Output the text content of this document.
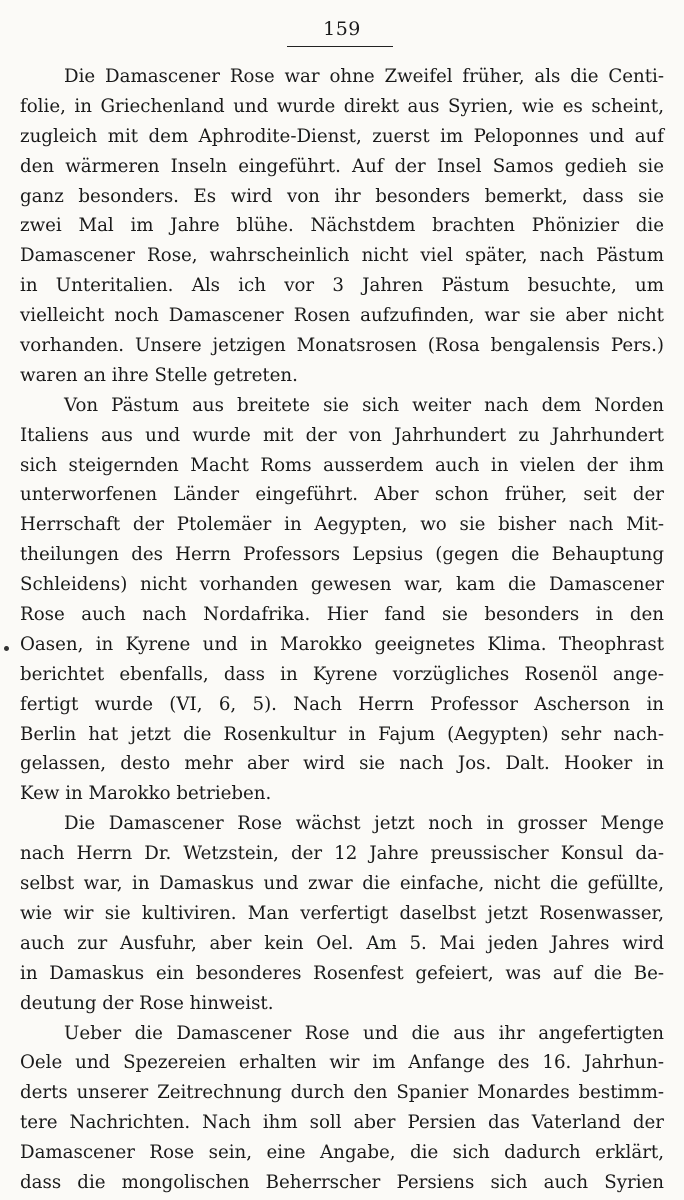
159
Die Damascener Rose war ohne Zweifel früher, als die Centi-
folie, in Griechenland und wurde direkt aus Syrien, wie es scheint,
zugleich mit dem Aphrodite-Dienst, zuerst im Peloponnes und auf
den wärmeren Inseln eingeführt. Auf der Insel Samos gedieh sie
ganz besonders. Es wird von ihr besonders bemerkt, dass sie
zwei Mal im Jahre blühe. Nächstdem brachten Phönizier die
Damascener Rose, wahrscheinlich nicht viel später, nach Pästum
in Unteritalien. Als ich vor 3 Jahren Pästum besuchte, um
vielleicht noch Damascener Rosen aufzufinden, war sie aber nicht
vorhanden. Unsere jetzigen Monatsrosen (Rosa bengalensis Pers.)
waren an ihre Stelle getreten.
Von Pästum aus breitete sie sich weiter nach dem Norden
Italiens aus und wurde mit der von Jahrhundert zu Jahrhundert
sich steigernden Macht Roms ausserdem auch in vielen der ihm
unterworfenen Länder eingeführt. Aber schon früher, seit der
Herrschaft der Ptolemäer in Aegypten, wo sie bisher nach Mit-
theilungen des Herrn Professors Lepsius (gegen die Behauptung
Schleidens) nicht vorhanden gewesen war, kam die Damascener
Rose auch nach Nordafrika. Hier fand sie besonders in den
Oasen, in Kyrene und in Marokko geeignetes Klima. Theophrast
berichtet ebenfalls, dass in Kyrene vorzügliches Rosenöl ange-
fertigt wurde (VI, 6, 5). Nach Herrn Professor Ascherson in
Berlin hat jetzt die Rosenkultur in Fajum (Aegypten) sehr nach-
gelassen, desto mehr aber wird sie nach Jos. Dalt. Hooker in
Kew in Marokko betrieben.
Die Damascener Rose wächst jetzt noch in grosser Menge
nach Herrn Dr. Wetzstein, der 12 Jahre preussischer Konsul da-
selbst war, in Damaskus und zwar die einfache, nicht die gefüllte,
wie wir sie kultiviren. Man verfertigt daselbst jetzt Rosenwasser,
auch zur Ausfuhr, aber kein Oel. Am 5. Mai jeden Jahres wird
in Damaskus ein besonderes Rosenfest gefeiert, was auf die Be-
deutung der Rose hinweist.
Ueber die Damascener Rose und die aus ihr angefertigten
Oele und Spezereien erhalten wir im Anfange des 16. Jahrhun-
derts unserer Zeitrechnung durch den Spanier Monardes bestimm-
tere Nachrichten. Nach ihm soll aber Persien das Vaterland der
Damascener Rose sein, eine Angabe, die sich dadurch erklärt,
dass die mongolischen Beherrscher Persiens sich auch Syrien
